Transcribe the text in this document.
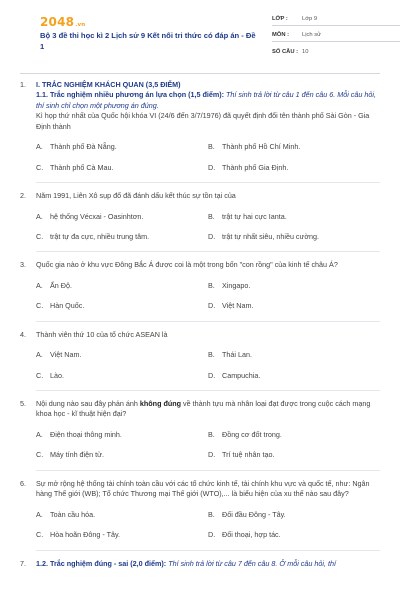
2048.vn
Bộ 3 đề thi học kì 2 Lịch sử 9 Kết nối tri thức có đáp án - Đề 1
LỚP :	Lớp 9
MÔN :	Lịch sử
SỐ CÂU : 10
1.	I. TRẮC NGHIỆM KHÁCH QUAN (3,5 ĐIỂM)
1.1. Trắc nghiệm nhiều phương án lựa chọn (1,5 điểm): Thí sinh trả lời từ câu 1 đến câu 6. Mỗi câu hỏi, thí sinh chỉ chọn một phương án đúng.
Kì họp thứ nhất của Quốc hội khóa VI (24/6 đến 3/7/1976) đã quyết định đổi tên thành phố Sài Gòn - Gia Định thành
A.	Thành phố Đà Nẵng.	B.	Thành phố Hồ Chí Minh.
C. Thành phố Cà Mau.	D. Thành phố Gia Định.
2.	Năm 1991, Liên Xô sụp đổ đã đánh dấu kết thúc sự tồn tại của
A.	hệ thống Vécxai - Oasinhtơn.	B.	trật tự hai cực Ianta.
C. trật tự đa cực, nhiều trung tâm.	D. trật tự nhất siêu, nhiều cường.
3.	Quốc gia nào ở khu vực Đông Bắc Á được coi là một trong bốn "con rồng" của kinh tế châu Á?
A.	Ấn Độ.	B.	Xingapo.
C. Hàn Quốc.	D. Việt Nam.
4.	Thành viên thứ 10 của tổ chức ASEAN là
A.	Việt Nam.	B.	Thái Lan.
C. Lào.	D. Campuchia.
5.	Nội dung nào sau đây phản ánh không đúng về thành tựu mà nhân loại đạt được trong cuộc cách mạng khoa học - kĩ thuật hiện đại?
A.	Điện thoại thông minh.	B.	Đồng cơ đốt trong.
C. Máy tính điện tử.	D. Trí tuệ nhân tạo.
6.	Sự mở rộng hệ thống tài chính toàn cầu với các tổ chức kinh tế, tài chính khu vực và quốc tế, như: Ngân hàng Thế giới (WB); Tổ chức Thương mại Thế giới (WTO),... là biểu hiện của xu thế nào sau đây?
A.	Toàn cầu hóa.	B.	Đối đầu Đông - Tây.
C. Hòa hoãn Đông - Tây.	D. Đối thoại, hợp tác.
7.	1.2. Trắc nghiệm đúng - sai (2,0 điểm): Thí sinh trả lời từ câu 7 đến câu 8. Ở mỗi câu hỏi, thí
